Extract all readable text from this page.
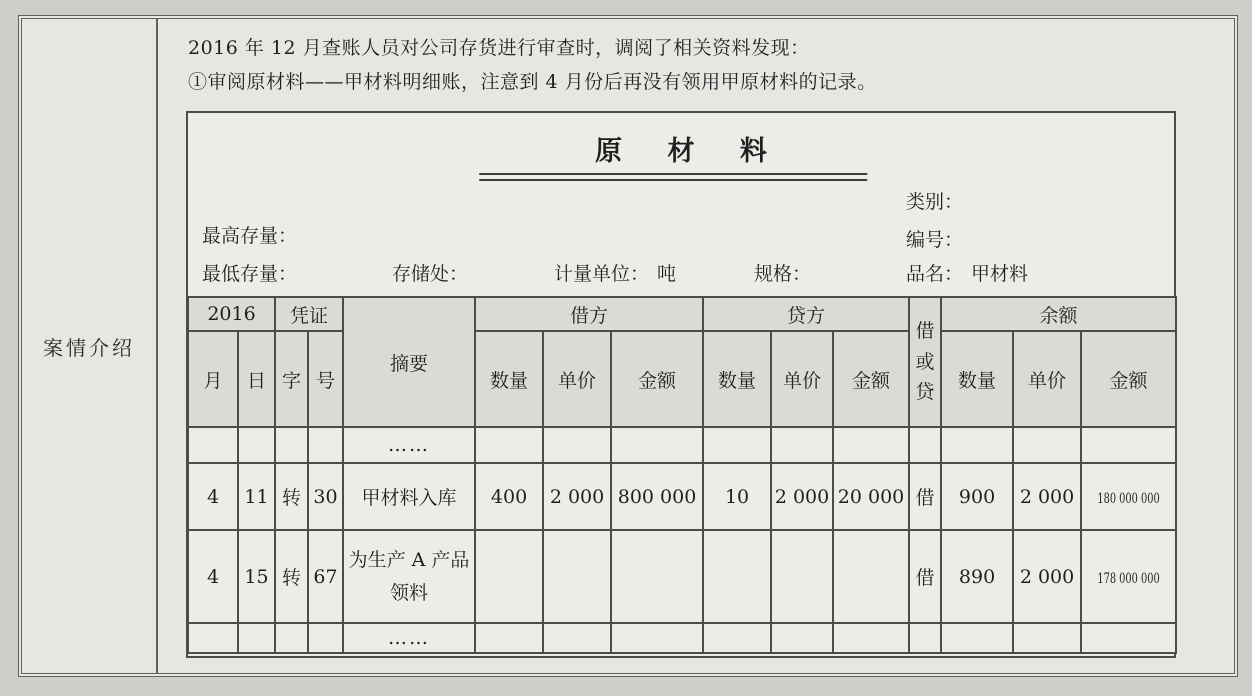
案情介绍

2016 年 12 月查账人员对公司存货进行审查时，调阅了相关资料发现：

①审阅原材料——甲材料明细账，注意到 4 月份后再没有领用甲原材料的记录。

原 材 料
类别：
最高存量：	编号：
最低存量：	存储处：	计量单位： 吨	规格：	品名： 甲材料
2016		凭证		摘要	借方			贷方			借或贷	余额		
月	日	字	号		数量	单价	金额	数量	单价	金额		数量	单价	金额
				……										
4	11	转	30	甲材料入库	400	2 000	800 000	10	2 000	20 000	借	900	2 000	180 000 000
4	15	转	67	为生产 A 产品领料							借	890	2 000	178 000 000
				……										
